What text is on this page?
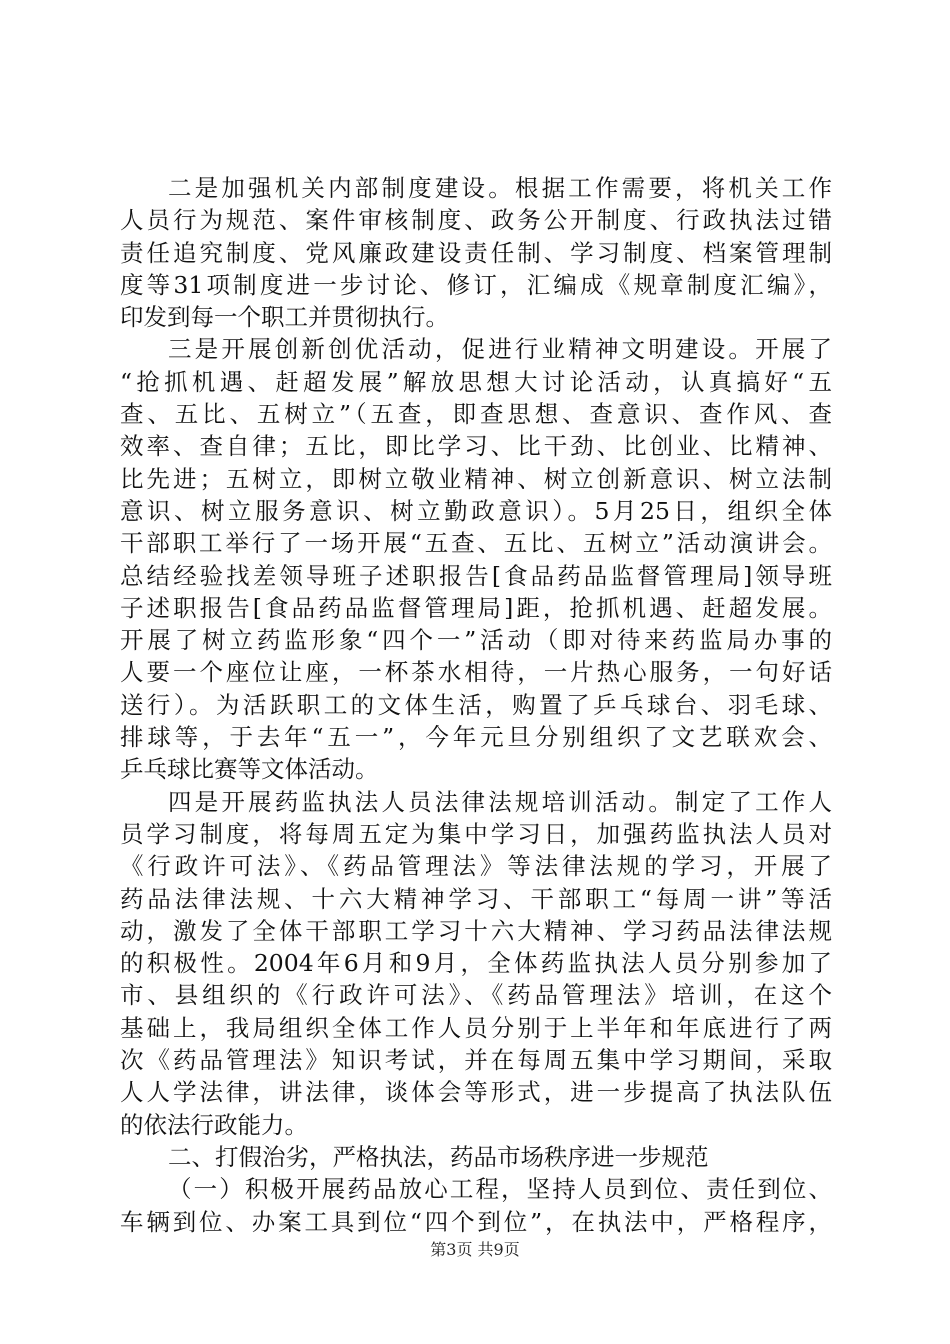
二是加强机关内部制度建设。根据工作需要，将机关工作
人员行为规范、案件审核制度、政务公开制度、行政执法过错
责任追究制度、党风廉政建设责任制、学习制度、档案管理制
度等31项制度进一步讨论、修订，汇编成《规章制度汇编》，
印发到每一个职工并贯彻执行。
三是开展创新创优活动，促进行业精神文明建设。开展了
“抢抓机遇、赶超发展”解放思想大讨论活动，认真搞好“五
查、五比、五树立”（五查，即查思想、查意识、查作风、查
效率、查自律；五比，即比学习、比干劲、比创业、比精神、
比先进；五树立，即树立敬业精神、树立创新意识、树立法制
意识、树立服务意识、树立勤政意识）。5月25日，组织全体
干部职工举行了一场开展“五查、五比、五树立”活动演讲会。
总结经验找差领导班子述职报告[食品药品监督管理局]领导班
子述职报告[食品药品监督管理局]距，抢抓机遇、赶超发展。
开展了树立药监形象“四个一”活动（即对待来药监局办事的
人要一个座位让座，一杯茶水相待，一片热心服务，一句好话
送行）。为活跃职工的文体生活，购置了乒乓球台、羽毛球、
排球等，于去年“五一”，今年元旦分别组织了文艺联欢会、
乒乓球比赛等文体活动。
四是开展药监执法人员法律法规培训活动。制定了工作人
员学习制度，将每周五定为集中学习日，加强药监执法人员对
《行政许可法》、《药品管理法》等法律法规的学习，开展了
药品法律法规、十六大精神学习、干部职工“每周一讲”等活
动，激发了全体干部职工学习十六大精神、学习药品法律法规
的积极性。2004年6月和9月，全体药监执法人员分别参加了
市、县组织的《行政许可法》、《药品管理法》培训，在这个
基础上，我局组织全体工作人员分别于上半年和年底进行了两
次《药品管理法》知识考试，并在每周五集中学习期间，采取
人人学法律，讲法律，谈体会等形式，进一步提高了执法队伍
的依法行政能力。
二、打假治劣，严格执法，药品市场秩序进一步规范
（一）积极开展药品放心工程，坚持人员到位、责任到位、
车辆到位、办案工具到位“四个到位”，在执法中，严格程序，
第3页 共9页
